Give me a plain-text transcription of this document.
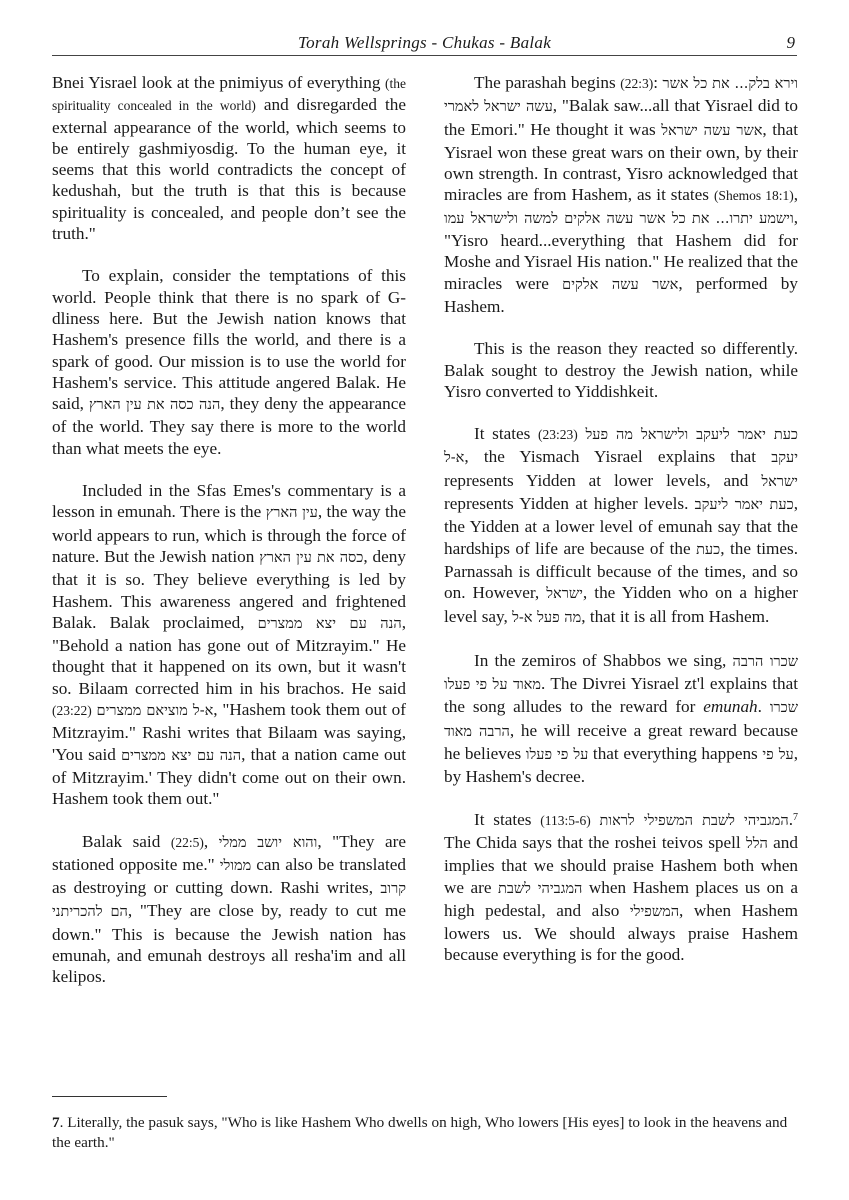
Torah Wellsprings - Chukas - Balak	9

Bnei Yisrael look at the pnimiyus of everything (the spirituality concealed in the world) and disregarded the external appearance of the world, which seems to be entirely gashmiyosdig. To the human eye, it seems that this world contradicts the concept of kedushah, but the truth is that this is because spirituality is concealed, and people don’t see the truth."

To explain, consider the temptations of this world. People think that there is no spark of G-dliness here. But the Jewish nation knows that Hashem's presence fills the world, and there is a spark of good. Our mission is to use the world for Hashem's service. This attitude angered Balak. He said, הנה כסה את עין הארץ, they deny the appearance of the world. They say there is more to the world than what meets the eye.

Included in the Sfas Emes's commentary is a lesson in emunah. There is the עין הארץ, the way the world appears to run, which is through the force of nature. But the Jewish nation כסה את עין הארץ, deny that it is so. They believe everything is led by Hashem. This awareness angered and frightened Balak. Balak proclaimed, הנה עם יצא ממצרים, "Behold a nation has gone out of Mitzrayim." He thought that it happened on its own, but it wasn't so. Bilaam corrected him in his brachos. He said (23:22) א-ל מוציאם ממצרים, "Hashem took them out of Mitzrayim." Rashi writes that Bilaam was saying, 'You said הנה עם יצא ממצרים, that a nation came out of Mitzrayim.' They didn't come out on their own. Hashem took them out."

Balak said (22:5), והוא יושב ממלי, "They are stationed opposite me." ממולי can also be translated as destroying or cutting down. Rashi writes, קרוב הם להכריתני, "They are close by, ready to cut me down." This is because the Jewish nation has emunah, and emunah destroys all resha'im and all kelipos.

The parashah begins (22:3): וירא בלק... את כל אשר עשה ישראל לאמרי, "Balak saw...all that Yisrael did to the Emori." He thought it was אשר עשה ישראל, that Yisrael won these great wars on their own, by their own strength. In contrast, Yisro acknowledged that miracles are from Hashem, as it states (Shemos 18:1), וישמע יתרו... את כל אשר עשה אלקים למשה ולישראל עמו, "Yisro heard...everything that Hashem did for Moshe and Yisrael His nation." He realized that the miracles were אשר עשה אלקים, performed by Hashem.

This is the reason they reacted so differently. Balak sought to destroy the Jewish nation, while Yisro converted to Yiddishkeit.

It states (23:23) כעת יאמר ליעקב ולישראל מה פעל א-ל, the Yismach Yisrael explains that יעקב represents Yidden at lower levels, and ישראל represents Yidden at higher levels. כעת יאמר ליעקב, the Yidden at a lower level of emunah say that the hardships of life are because of the כעת, the times. Parnassah is difficult because of the times, and so on. However, ישראל, the Yidden who on a higher level say, מה פעל א-ל, that it is all from Hashem.

In the zemiros of Shabbos we sing, שכרו הרבה מאוד על פי פעלו. The Divrei Yisrael zt'l explains that the song alludes to the reward for emunah. שכרו הרבה מאוד, he will receive a great reward because he believes על פי פעלו that everything happens על פי, by Hashem's decree.

It states (113:5-6) המגביהי לשבת המשפילי לראות.$^7$ The Chida says that the roshei teivos spell הלל and implies that we should praise Hashem both when we are המגביהי לשבת when Hashem places us on a high pedestal, and also המשפילי, when Hashem lowers us. We should always praise Hashem because everything is for the good.

7. Literally, the pasuk says, "Who is like Hashem Who dwells on high, Who lowers [His eyes] to look in the heavens and the earth."
